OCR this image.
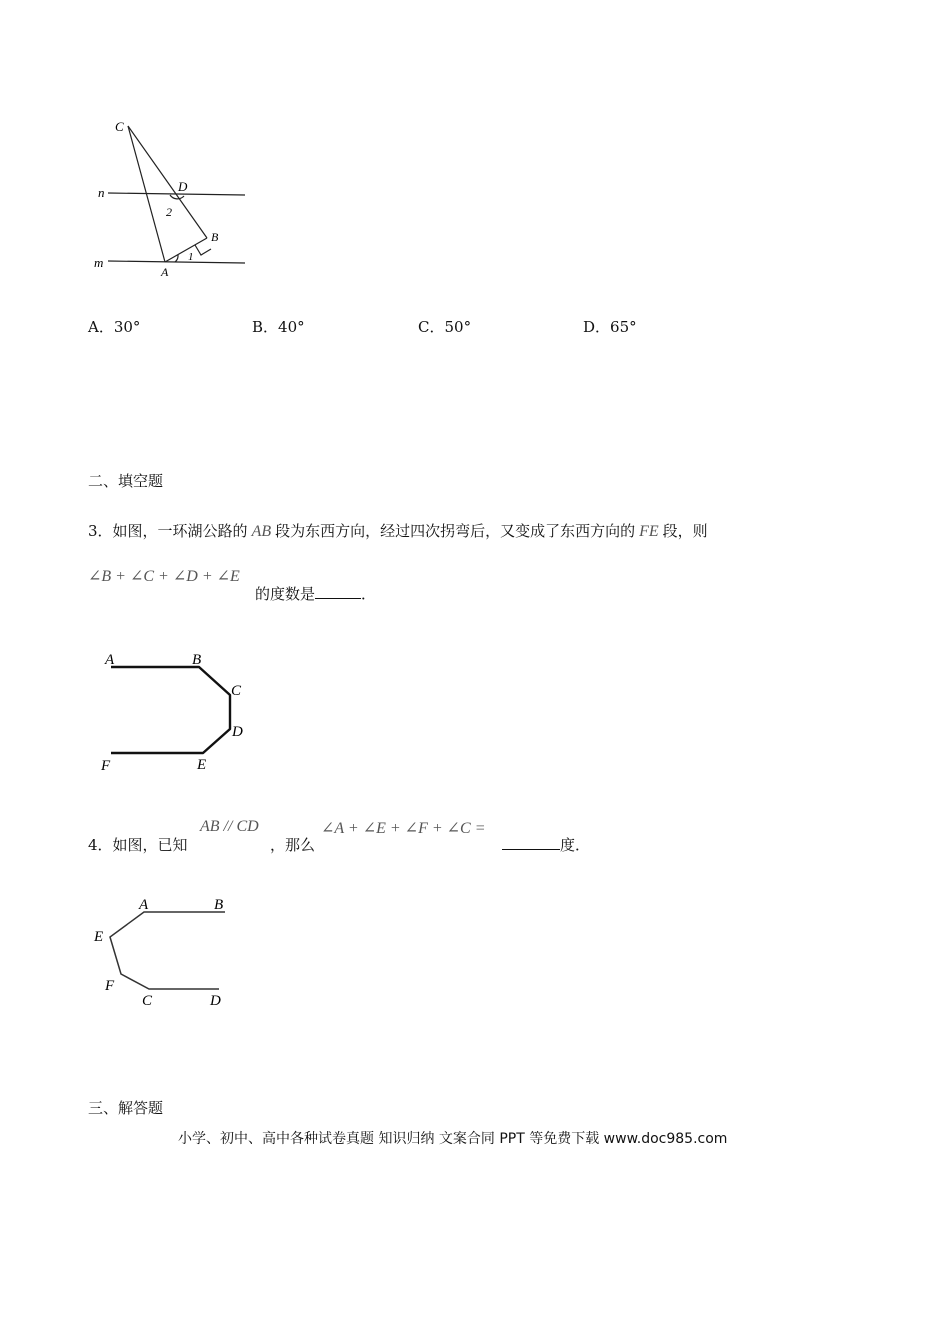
C
D
2
B
1
n
m
A
A．30°	B．40°	C．50°	D．65°
二、填空题
3．如图，一环湖公路的 AB 段为东西方向，经过四次拐弯后，又变成了东西方向的 FE 段，则
∠B + ∠C + ∠D + ∠E
的度数是	．
A	B
C
D
E
F
4．如图，已知
AB // CD
，那么
∠A + ∠E + ∠F + ∠C =
度．
A	B
E
F
C	D
三、解答题
小学、初中、高中各种试卷真题 知识归纳 文案合同 PPT 等免费下载 www.doc985.com
